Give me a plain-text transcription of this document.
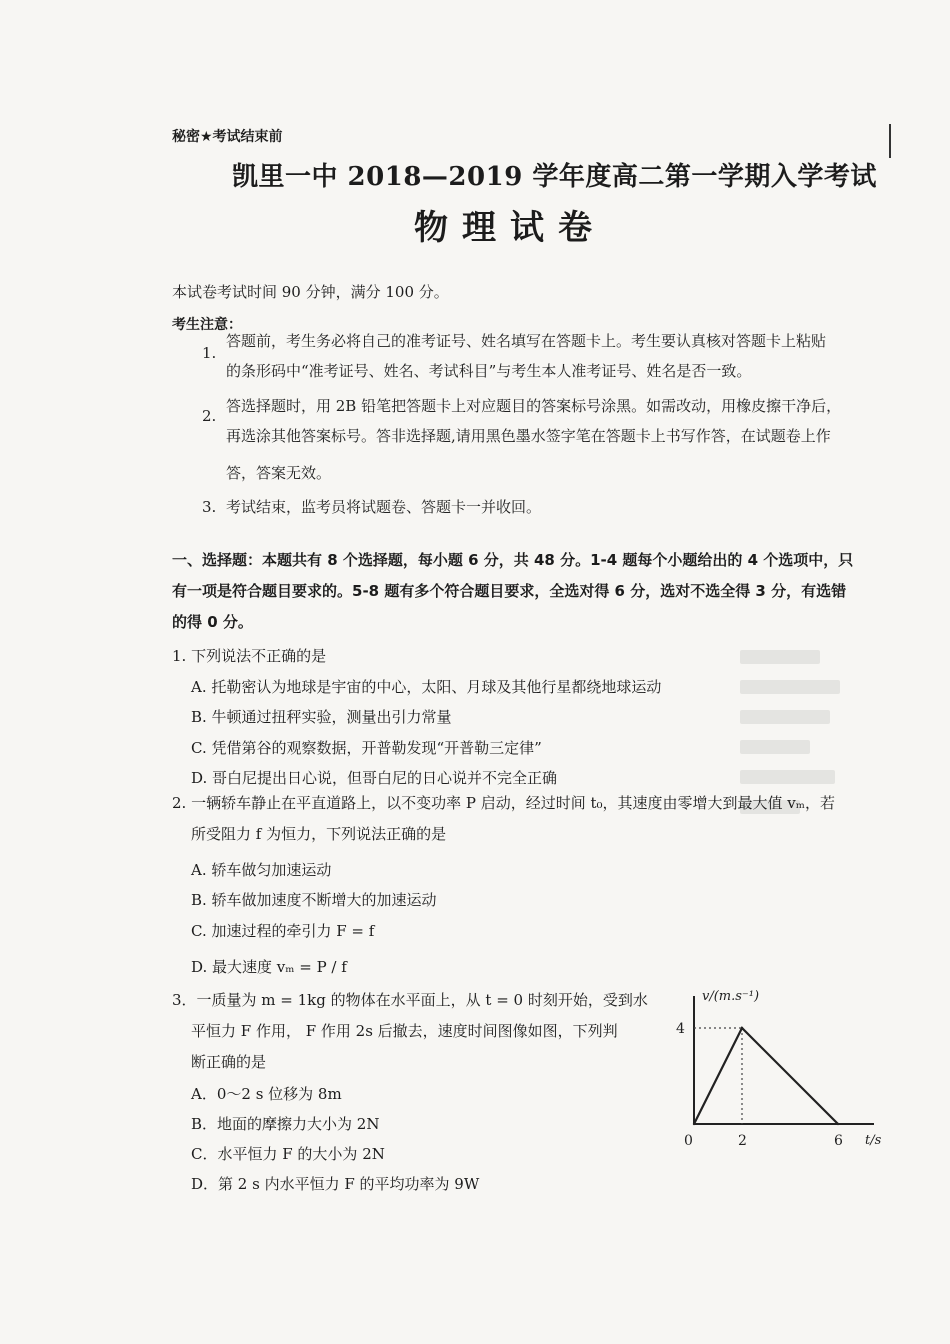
秘密★考试结束前
凯里一中 2018—2019 学年度高二第一学期入学考试
物理试卷
本试卷考试时间 90 分钟，满分 100 分。
考生注意：
1.
答题前，考生务必将自己的准考证号、姓名填写在答题卡上。考生要认真核对答题卡上粘贴
的条形码中“准考证号、姓名、考试科目”与考生本人准考证号、姓名是否一致。
2.
答选择题时，用 2B 铅笔把答题卡上对应题目的答案标号涂黑。如需改动，用橡皮擦干净后，
再选涂其他答案标号。答非选择题,请用黑色墨水签字笔在答题卡上书写作答，在试题卷上作
答，答案无效。
3. 考试结束，监考员将试题卷、答题卡一并收回。
一、选择题：本题共有 8 个选择题，每小题 6 分，共 48 分。1-4 题每个小题给出的 4 个选项中，只
有一项是符合题目要求的。5-8 题有多个符合题目要求，全选对得 6 分，选对不选全得 3 分，有选错
的得 0 分。
1. 下列说法不正确的是
A. 托勒密认为地球是宇宙的中心，太阳、月球及其他行星都绕地球运动
B. 牛顿通过扭秤实验，测量出引力常量
C. 凭借第谷的观察数据，开普勒发现“开普勒三定律”
D. 哥白尼提出日心说，但哥白尼的日心说并不完全正确
2. 一辆轿车静止在平直道路上，以不变功率 P 启动，经过时间 t₀，其速度由零增大到最大值 vₘ，若
所受阻力 f 为恒力，下列说法正确的是
A. 轿车做匀加速运动
B. 轿车做加速度不断增大的加速运动
C. 加速过程的牵引力 F = f
D. 最大速度 vₘ = P / f
3．一质量为 m = 1kg 的物体在水平面上，从 t = 0 时刻开始，受到水
平恒力 F 作用， F 作用 2s 后撤去，速度时间图像如图，下列判
断正确的是
A．0～2 s 位移为 8m
B．地面的摩擦力大小为 2N
C．水平恒力 F 的大小为 2N
D．第 2 s 内水平恒力 F 的平均功率为 9W
v/(m.s⁻¹)
t/s
0	2	6
4
